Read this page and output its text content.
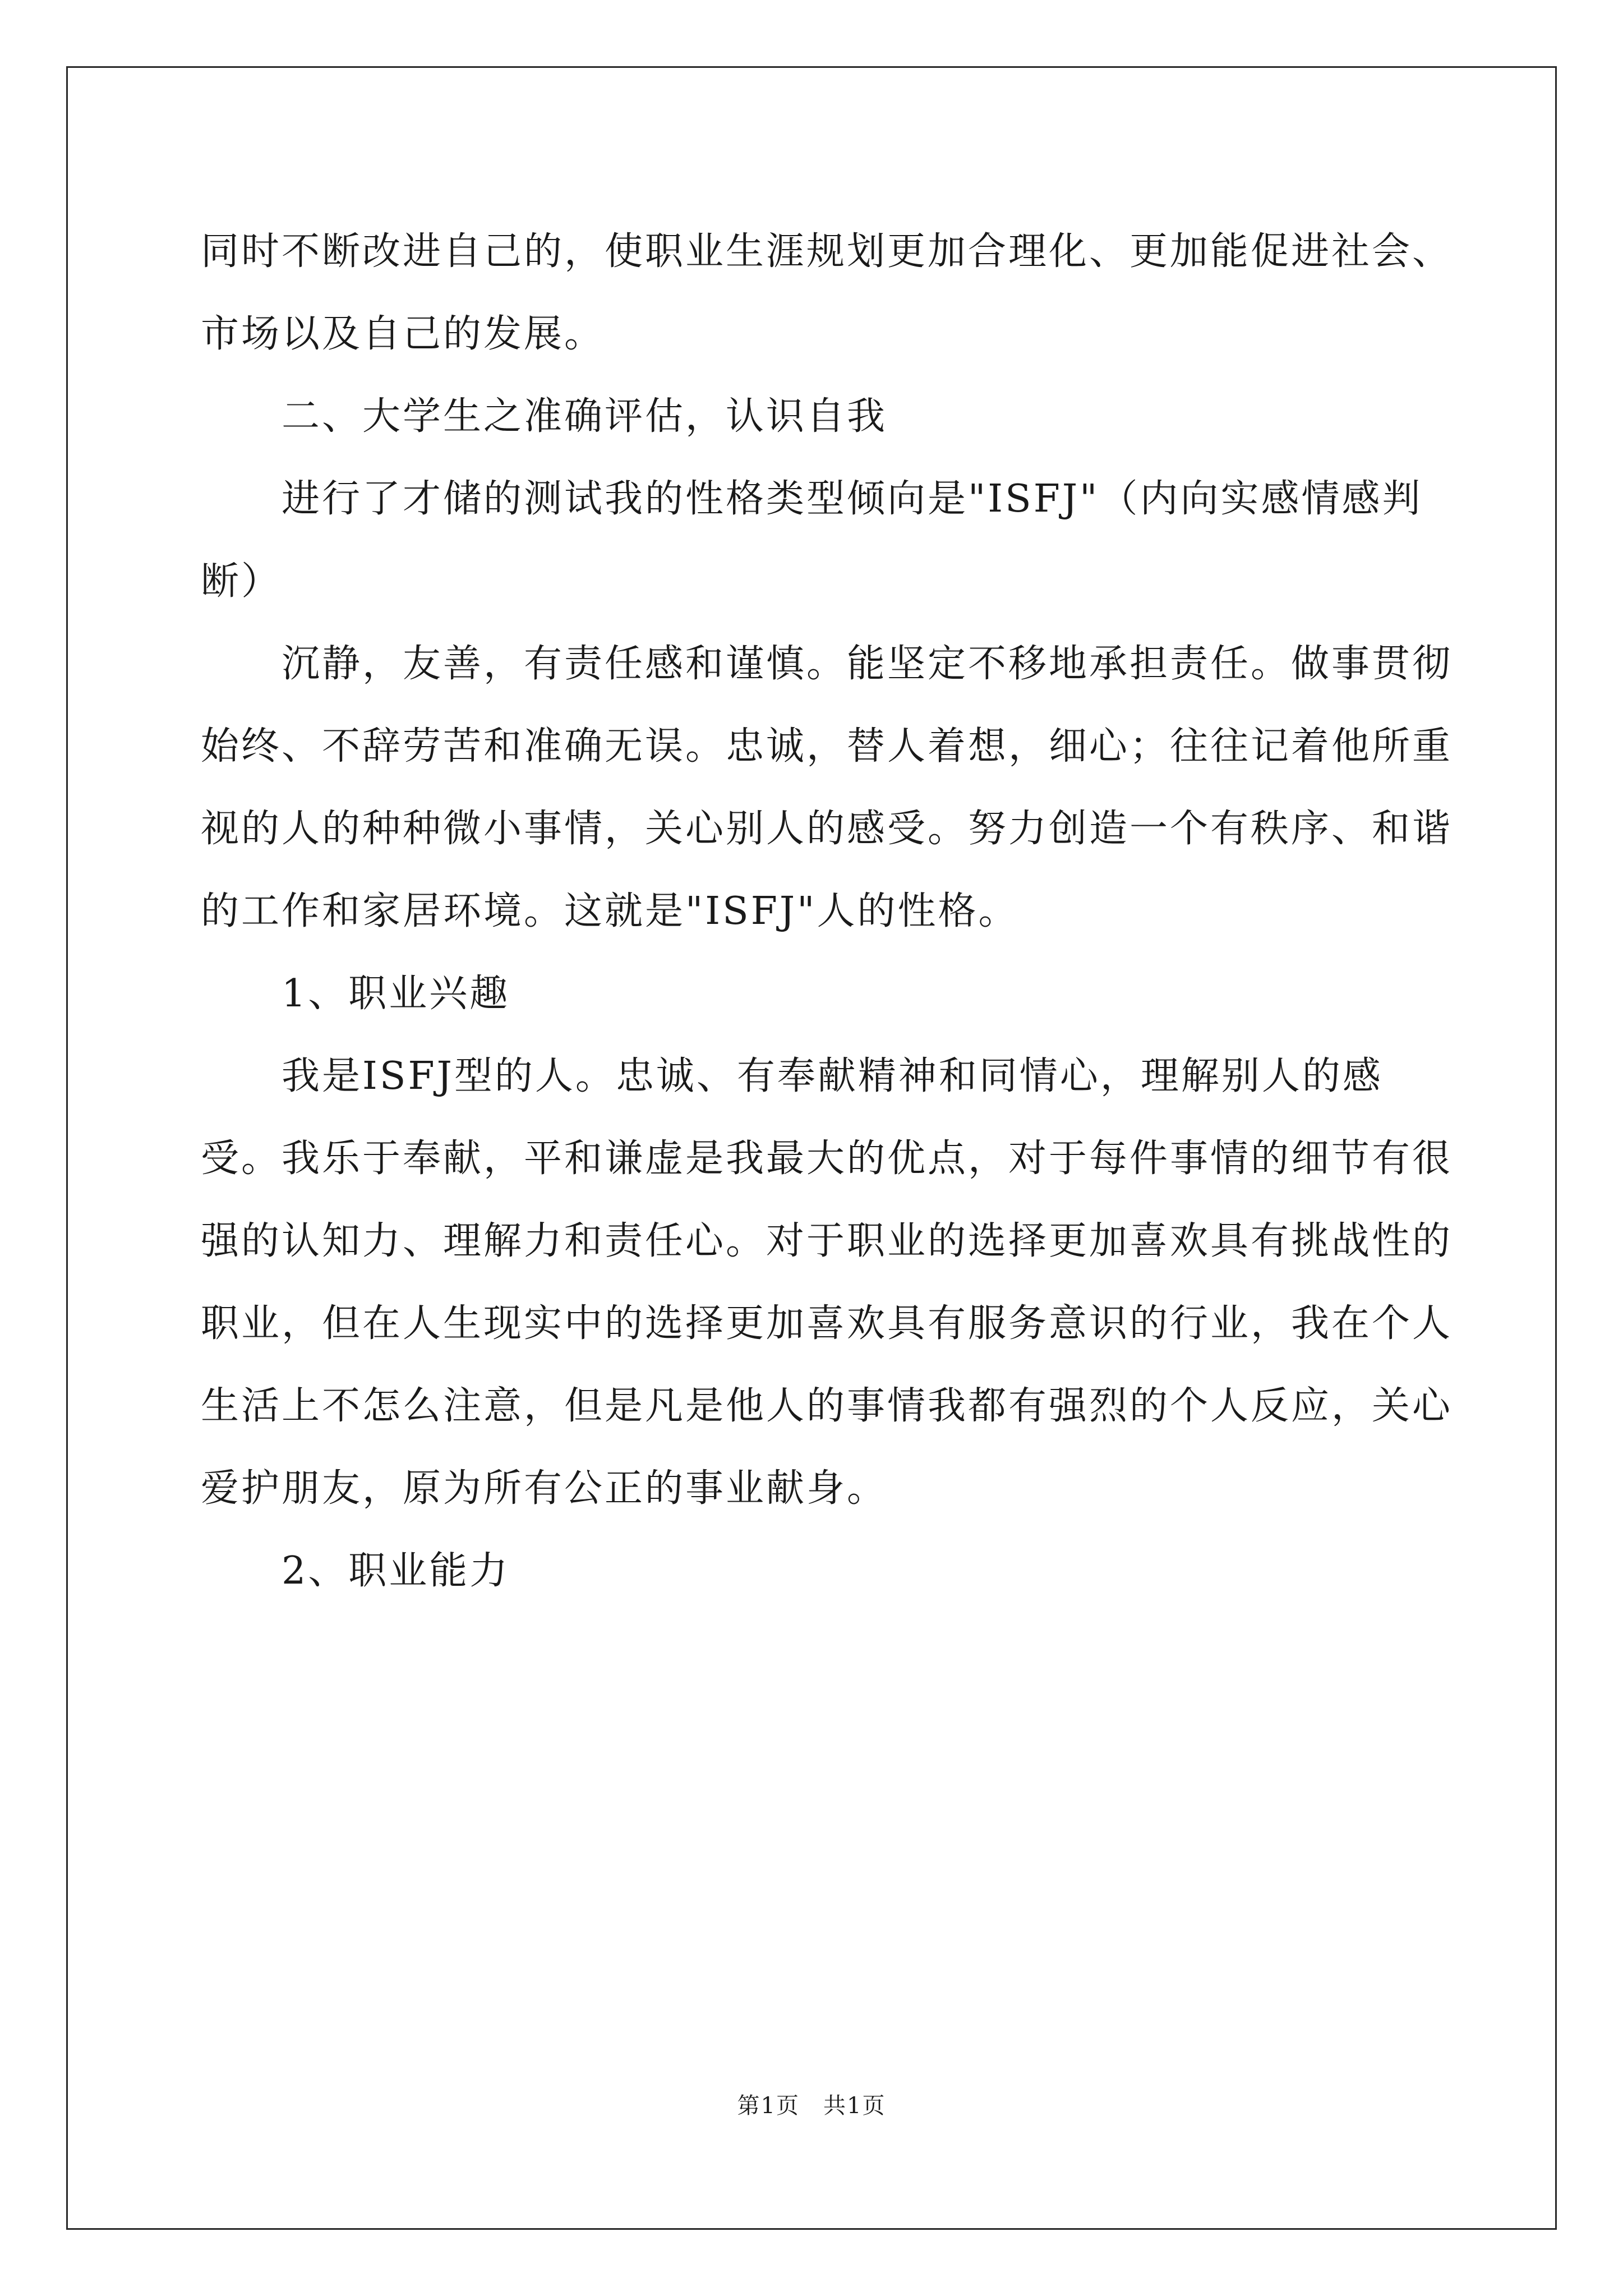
同时不断改进自己的，使职业生涯规划更加合理化、更加能促进社会、市场以及自己的发展。

二、大学生之准确评估，认识自我

进行了才储的测试我的性格类型倾向是"ISFJ"（内向实感情感判断）

沉静，友善，有责任感和谨慎。能坚定不移地承担责任。做事贯彻始终、不辞劳苦和准确无误。忠诚，替人着想，细心；往往记着他所重视的人的种种微小事情，关心别人的感受。努力创造一个有秩序、和谐的工作和家居环境。这就是"ISFJ"人的性格。

1、职业兴趣

我是ISFJ型的人。忠诚、有奉献精神和同情心，理解别人的感受。我乐于奉献，平和谦虚是我最大的优点，对于每件事情的细节有很强的认知力、理解力和责任心。对于职业的选择更加喜欢具有挑战性的职业，但在人生现实中的选择更加喜欢具有服务意识的行业，我在个人生活上不怎么注意，但是凡是他人的事情我都有强烈的个人反应，关心爱护朋友，原为所有公正的事业献身。

2、职业能力

第1页　共1页
